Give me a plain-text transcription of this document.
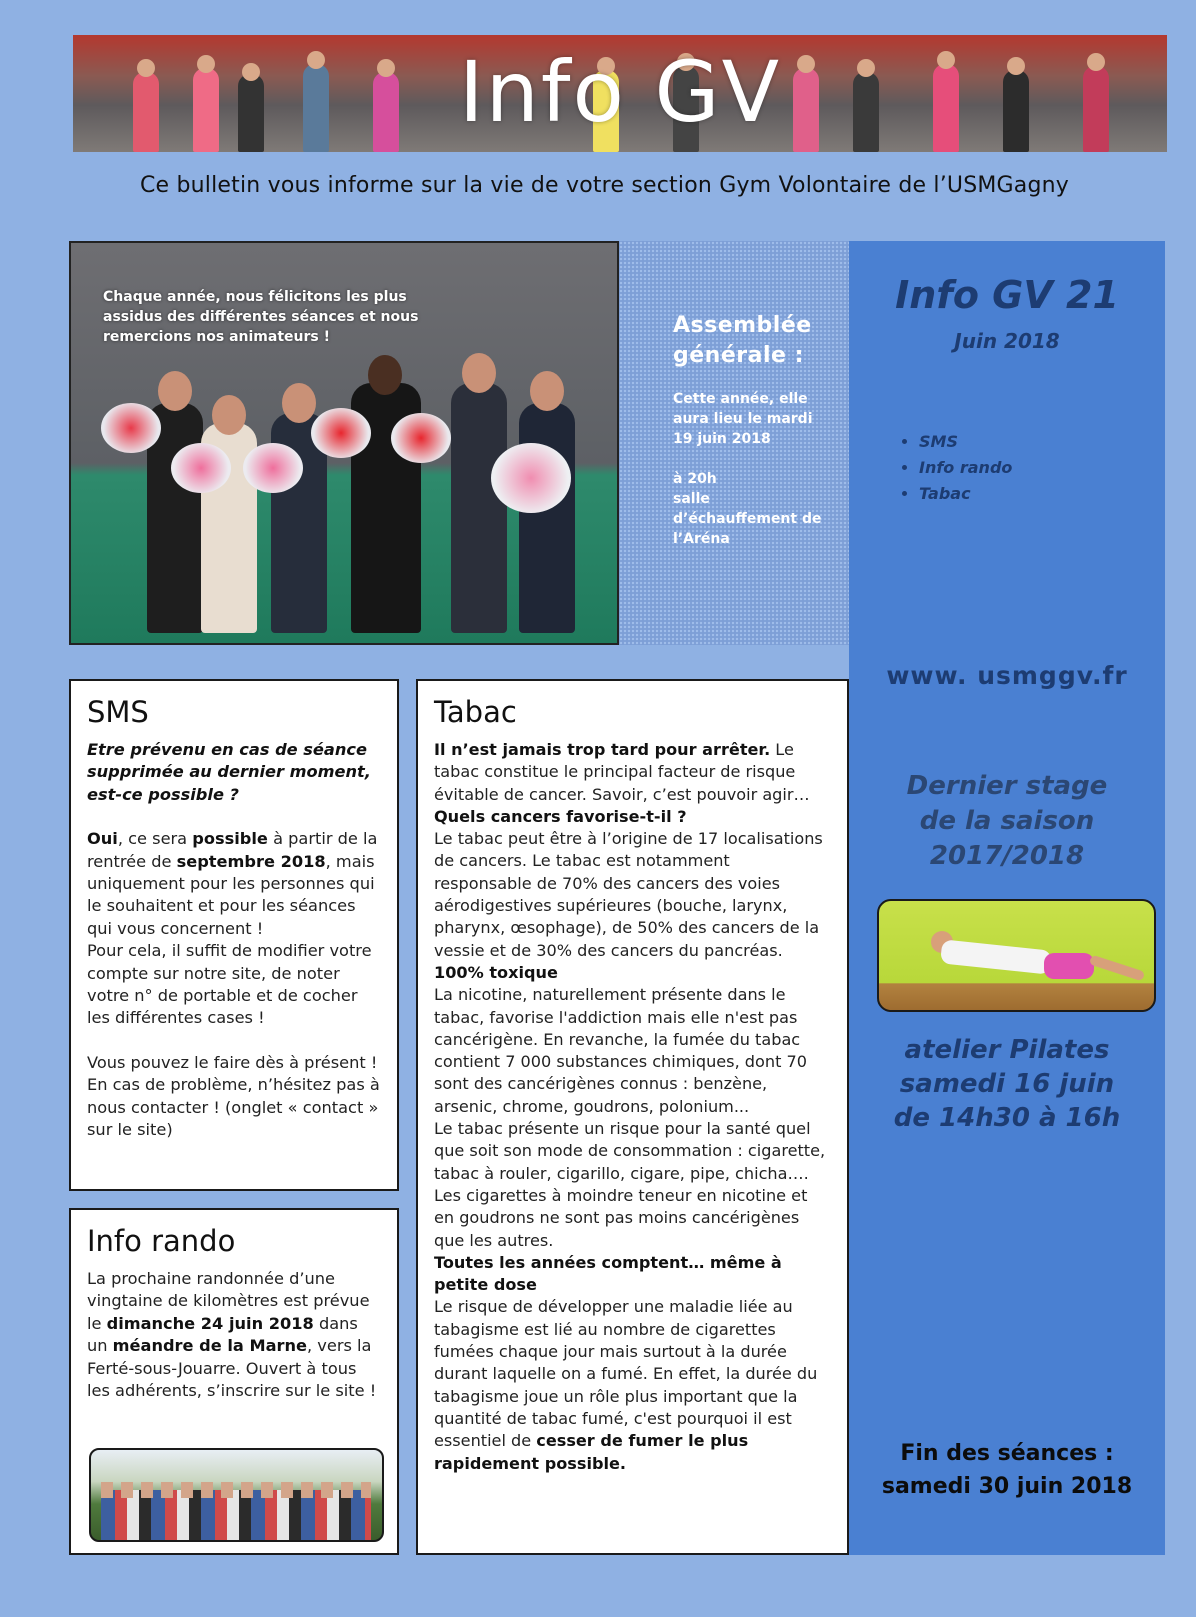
Info GV
Ce bulletin vous informe sur la vie de votre section Gym Volontaire de l’USMGagny
Chaque année, nous félicitons les plus assidus des différentes séances et nous remercions nos animateurs !	Assemblée générale :
Cette année, elle aura lieu le mardi 19 juin 2018

à 20h
salle d’échauffement de l’Aréna
Info GV 21
Juin 2018
• SMS
• Info rando
• Tabac
www. usmggv.fr
Dernier stage
de la saison
2017/2018
atelier Pilates
samedi 16 juin
de 14h30 à 16h
Fin des séances :
samedi 30 juin 2018
SMS

Etre prévenu en cas de séance supprimée au dernier moment, est-ce possible ?

Oui, ce sera possible à partir de la rentrée de septembre 2018, mais uniquement pour les personnes qui le souhaitent et pour les séances qui vous concernent !

Pour cela, il suffit de modifier votre compte sur notre site, de noter votre n° de portable et de cocher les différentes cases !

Vous pouvez le faire dès à présent ! En cas de problème, n’hésitez pas à nous contacter ! (onglet « contact » sur le site)

Info rando

La prochaine randonnée d’une vingtaine de kilomètres est prévue le dimanche 24 juin 2018 dans un méandre de la Marne, vers la Ferté-sous-Jouarre. Ouvert à tous les adhérents, s’inscrire sur le site !

Tabac

Il n’est jamais trop tard pour arrêter. Le tabac constitue le principal facteur de risque évitable de cancer. Savoir, c’est pouvoir agir…

Quels cancers favorise-t-il ?

Le tabac peut être à l’origine de 17 localisations de cancers. Le tabac est notamment responsable de 70% des cancers des voies aérodigestives supérieures (bouche, larynx, pharynx, œsophage), de 50% des cancers de la vessie et de 30% des cancers du pancréas.

100% toxique

La nicotine, naturellement présente dans le tabac, favorise l'addiction mais elle n'est pas cancérigène. En revanche, la fumée du tabac contient 7 000 substances chimiques, dont 70 sont des cancérigènes connus : benzène, arsenic, chrome, goudrons, polonium...

Le tabac présente un risque pour la santé quel que soit son mode de consommation : cigarette, tabac à rouler, cigarillo, cigare, pipe, chicha…. Les cigarettes à moindre teneur en nicotine et en goudrons ne sont pas moins cancérigènes que les autres.

Toutes les années comptent… même à petite dose

Le risque de développer une maladie liée au tabagisme est lié au nombre de cigarettes fumées chaque jour mais surtout à la durée durant laquelle on a fumé. En effet, la durée du tabagisme joue un rôle plus important que la quantité de tabac fumé, c'est pourquoi il est essentiel de cesser de fumer le plus rapidement possible.
